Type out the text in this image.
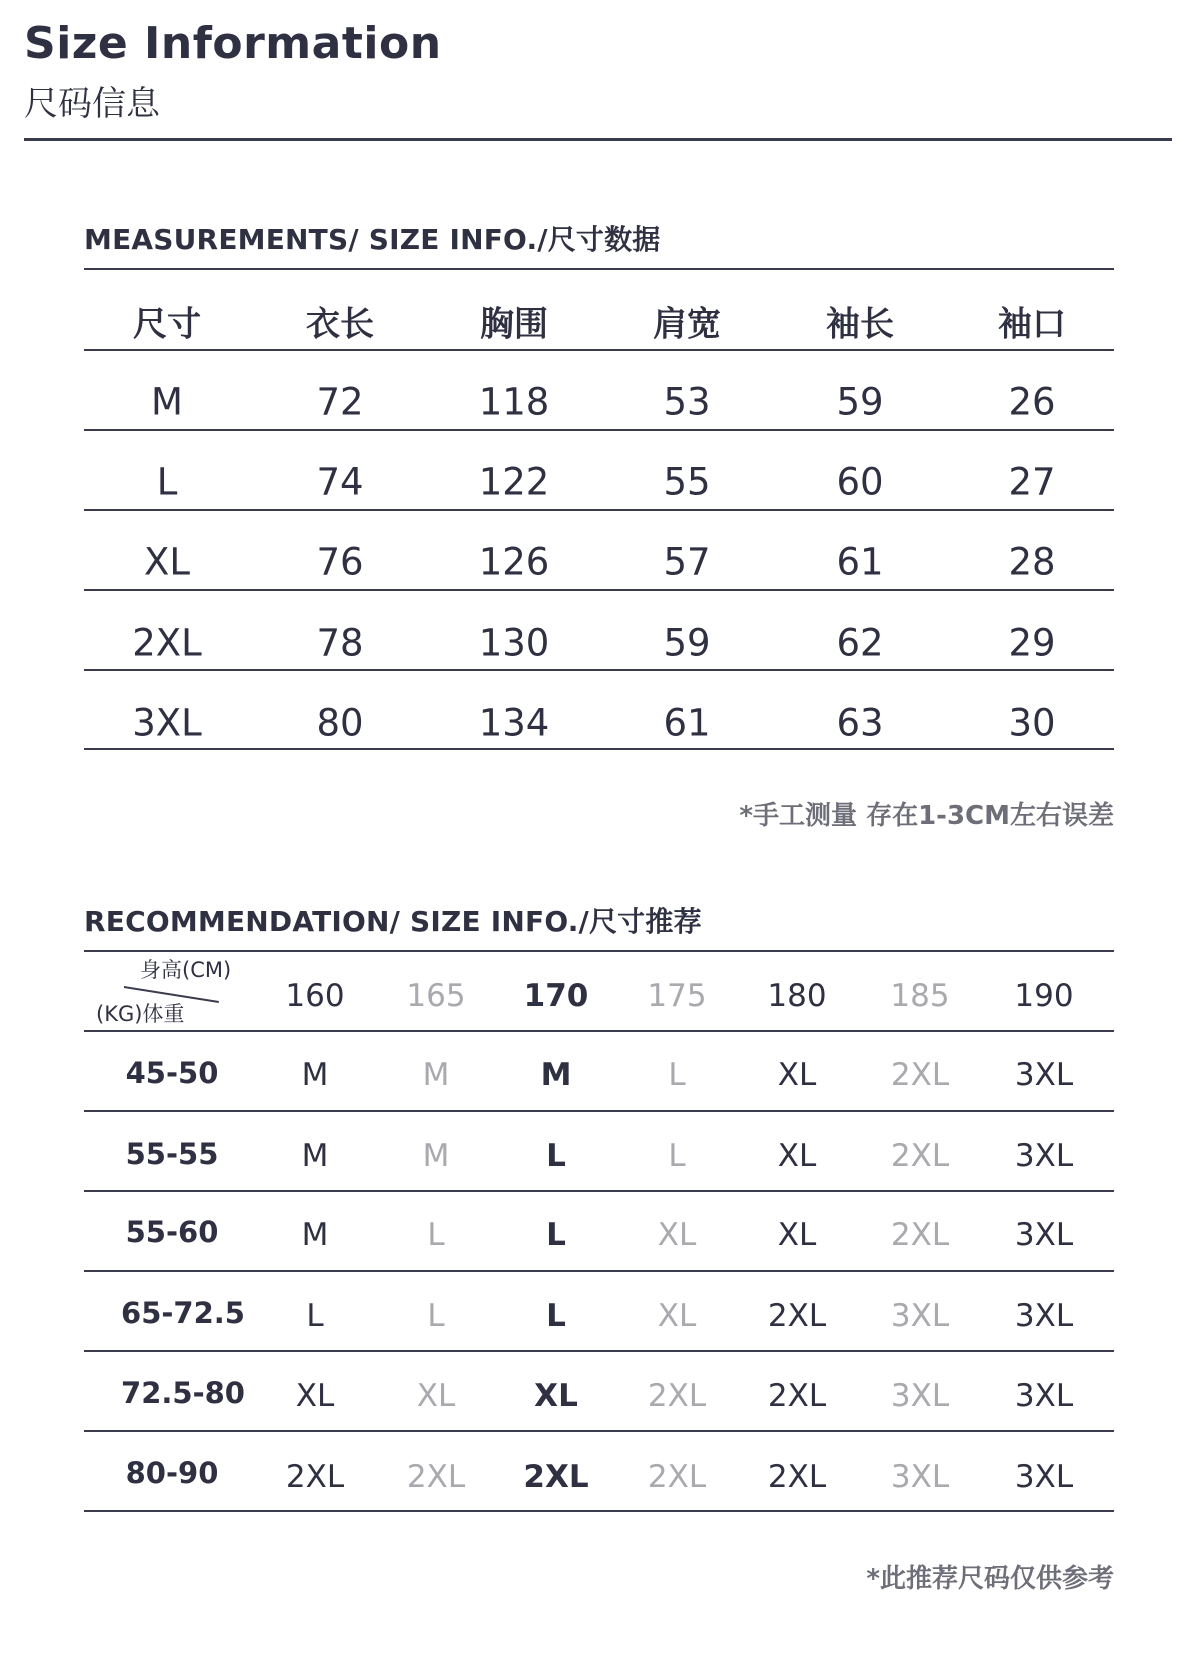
Size Information
尺码信息
MEASUREMENTS/ SIZE INFO./尺寸数据
尺寸	衣长	胸围	肩宽	袖长	袖口
M	72	118	53	59	26
L	74	122	55	60	27
XL	76	126	57	61	28
2XL	78	130	59	62	29
3XL	80	134	61	63	30
*手工测量 存在1-3CM左右误差
RECOMMENDATION/ SIZE INFO./尺寸推荐
身高(CM)
(KG)体重	160 165 170 175 180 185 190
45-50	M	M	M	L	XL 2XL 3XL
55-55	M	M	L	L	XL 2XL 3XL
55-60	M	L	L	XL	XL 2XL 3XL
65-72.5 L	L	L	XL 2XL 3XL 3XL
72.5-80 XL	XL	XL 2XL 2XL 3XL 3XL
80-90 2XL 2XL 2XL 2XL 2XL 3XL 3XL
*此推荐尺码仅供参考
